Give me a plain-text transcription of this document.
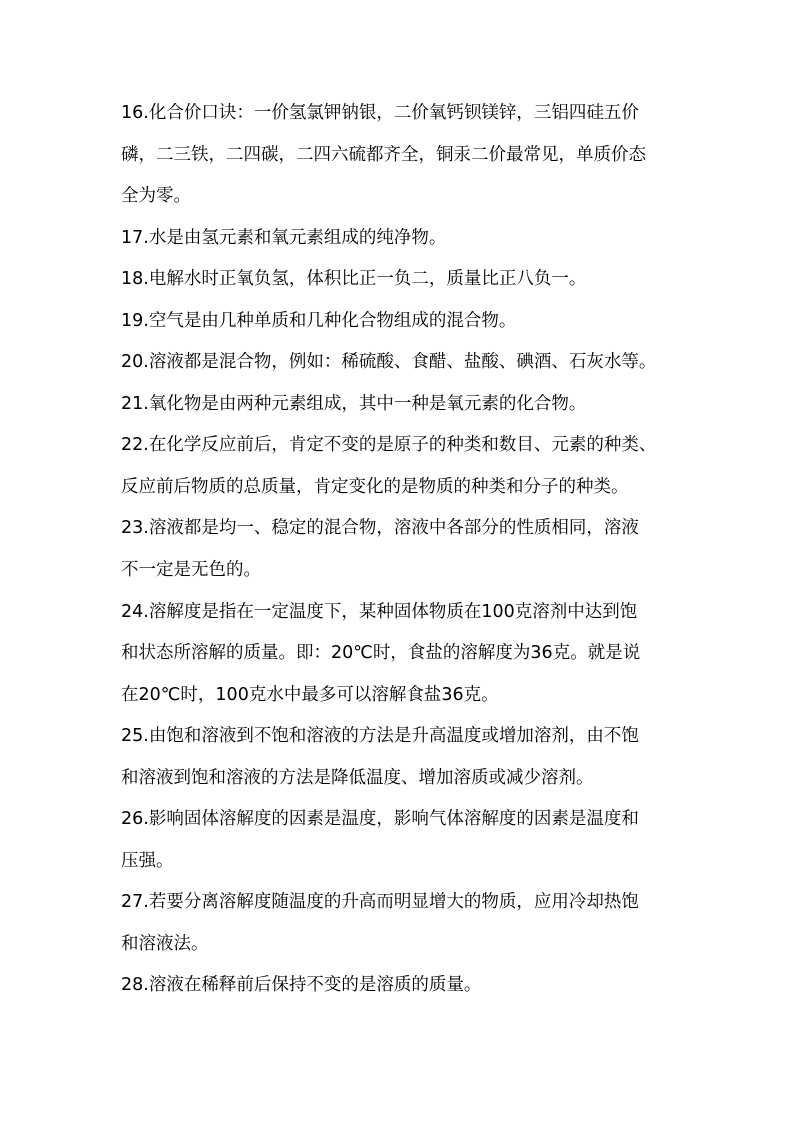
16.化合价口诀：一价氢氯钾钠银，二价氧钙钡镁锌，三铝四硅五价
磷，二三铁，二四碳，二四六硫都齐全，铜汞二价最常见，单质价态
全为零。
17.水是由氢元素和氧元素组成的纯净物。
18.电解水时正氧负氢，体积比正一负二，质量比正八负一。
19.空气是由几种单质和几种化合物组成的混合物。
20.溶液都是混合物，例如：稀硫酸、食醋、盐酸、碘酒、石灰水等。
21.氧化物是由两种元素组成，其中一种是氧元素的化合物。
22.在化学反应前后，肯定不变的是原子的种类和数目、元素的种类、
反应前后物质的总质量，肯定变化的是物质的种类和分子的种类。
23.溶液都是均一、稳定的混合物，溶液中各部分的性质相同，溶液
不一定是无色的。
24.溶解度是指在一定温度下，某种固体物质在100克溶剂中达到饱
和状态所溶解的质量。即：20℃时，食盐的溶解度为36克。就是说
在20℃时，100克水中最多可以溶解食盐36克。
25.由饱和溶液到不饱和溶液的方法是升高温度或增加溶剂，由不饱
和溶液到饱和溶液的方法是降低温度、增加溶质或减少溶剂。
26.影响固体溶解度的因素是温度，影响气体溶解度的因素是温度和
压强。
27.若要分离溶解度随温度的升高而明显增大的物质，应用冷却热饱
和溶液法。
28.溶液在稀释前后保持不变的是溶质的质量。
